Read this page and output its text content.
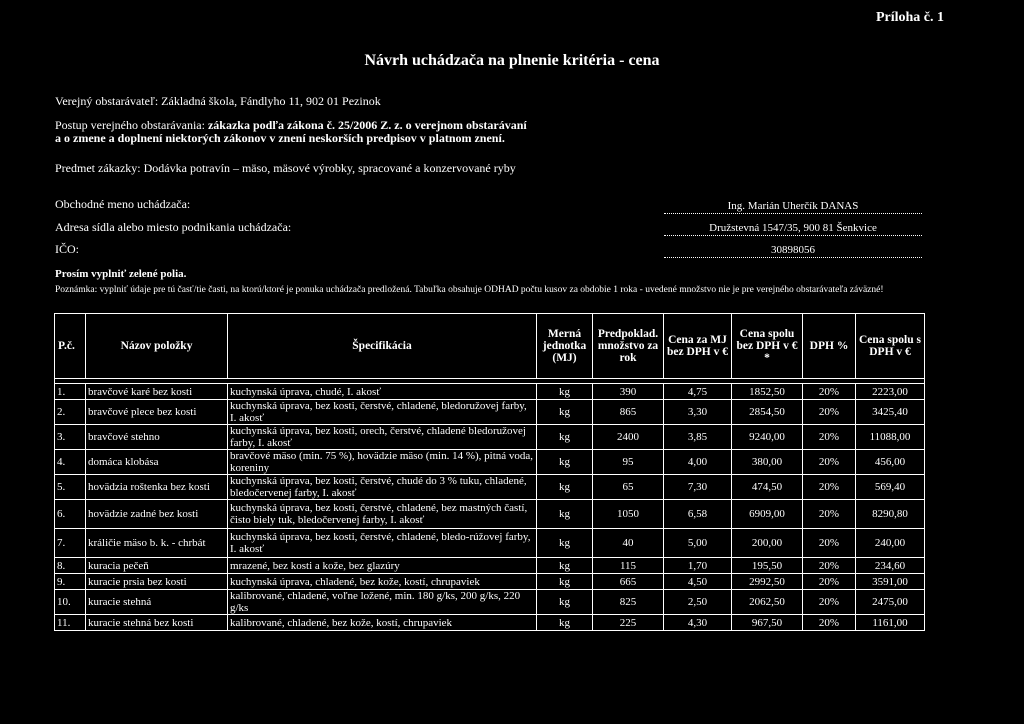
Príloha č. 1
Návrh uchádzača na plnenie kritéria - cena
Verejný obstarávateľ: Základná škola, Fándlyho 11, 902 01 Pezinok
Postup verejného obstarávania: zákazka podľa zákona č. 25/2006 Z. z. o verejnom obstarávaní
a o zmene a doplnení niektorých zákonov v znení neskorších predpisov v platnom znení.
Predmet zákazky: Dodávka potravín – mäso, mäsové výrobky, spracované a konzervované ryby
Obchodné meno uchádzača:	Ing. Marián Uherčík DANAS
Adresa sídla alebo miesto podnikania uchádzača:	Družstevná 1547/35, 900 81 Šenkvice
IČO:	30898056
Prosím vyplniť zelené polia.
Poznámka: vyplniť údaje pre tú časť/tie časti, na ktorú/ktoré je ponuka uchádzača predložená. Tabuľka obsahuje ODHAD počtu kusov za obdobie 1 roka - uvedené množstvo nie je pre verejného obstarávateľa záväzné!
P.č.	Názov položky	Špecifikácia	Merná jednotka (MJ)	Predpoklad. množstvo za rok	Cena za MJ bez DPH v €	Cena spolu bez DPH v € *	DPH %	Cena spolu s DPH v €

1.	bravčové karé bez kosti	kuchynská úprava, chudé, I. akosť	kg	390	4,75	1852,50	20%	2223,00
2.	bravčové plece bez kosti	kuchynská úprava, bez kosti, čerstvé, chladené, bledoružovej farby, I. akosť	kg	865	3,30	2854,50	20%	3425,40
3.	bravčové stehno	kuchynská úprava, bez kosti, orech, čerstvé, chladené bledoružovej farby, I. akosť	kg	2400	3,85	9240,00	20%	11088,00
4.	domáca klobása	bravčové mäso (min. 75 %), hovädzie mäso (min. 14 %), pitná voda, koreniny	kg	95	4,00	380,00	20%	456,00
5.	hovädzia roštenka bez kosti	kuchynská úprava, bez kosti, čerstvé, chudé do 3 % tuku, chladené, bledočervenej farby, I. akosť	kg	65	7,30	474,50	20%	569,40
6.	hovädzie zadné bez kosti	kuchynská úprava, bez kosti, čerstvé, chladené, bez mastných častí, čisto biely tuk, bledočervenej farby, I. akosť	kg	1050	6,58	6909,00	20%	8290,80
7.	králičie mäso b. k. - chrbát	kuchynská úprava, bez kosti, čerstvé, chladené, bledo-rúžovej farby, I. akosť	kg	40	5,00	200,00	20%	240,00
8.	kuracia pečeň	mrazené, bez kosti a kože, bez glazúry	kg	115	1,70	195,50	20%	234,60
9.	kuracie prsia bez kosti	kuchynská úprava, chladené, bez kože, kostí, chrupaviek	kg	665	4,50	2992,50	20%	3591,00
10.	kuracie stehná	kalibrované, chladené, voľne ložené, min. 180 g/ks, 200 g/ks, 220 g/ks	kg	825	2,50	2062,50	20%	2475,00
11.	kuracie stehná bez kosti	kalibrované, chladené, bez kože, kostí, chrupaviek	kg	225	4,30	967,50	20%	1161,00
